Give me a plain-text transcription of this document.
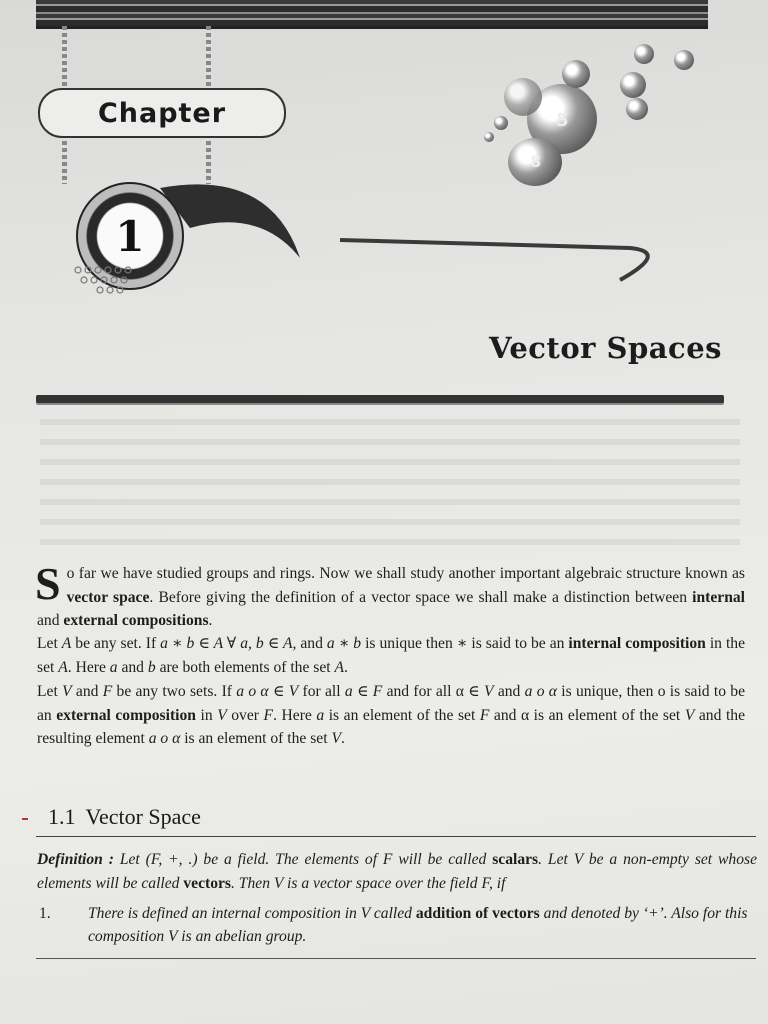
Chapter
1
5
8
Vector Spaces
So far we have studied groups and rings. Now we shall study another important algebraic structure known as vector space. Before giving the definition of a vector space we shall make a distinction between internal and external compositions.
Let A be any set. If a ∗ b ∈ A ∀ a, b ∈ A, and a ∗ b is unique then ∗ is said to be an internal composition in the set A. Here a and b are both elements of the set A.
Let V and F be any two sets. If a o α ∈ V for all a ∈ F and for all α ∈ V and a o α is unique, then o is said to be an external composition in V over F. Here a is an element of the set F and α is an element of the set V and the resulting element a o α is an element of the set V.
1.1 Vector Space
Definition : Let (F, +, .) be a field. The elements of F will be called scalars. Let V be a non-empty set whose elements will be called vectors. Then V is a vector space over the field F, if
1. There is defined an internal composition in V called addition of vectors and denoted by ‘+’. Also for this composition V is an abelian group.
